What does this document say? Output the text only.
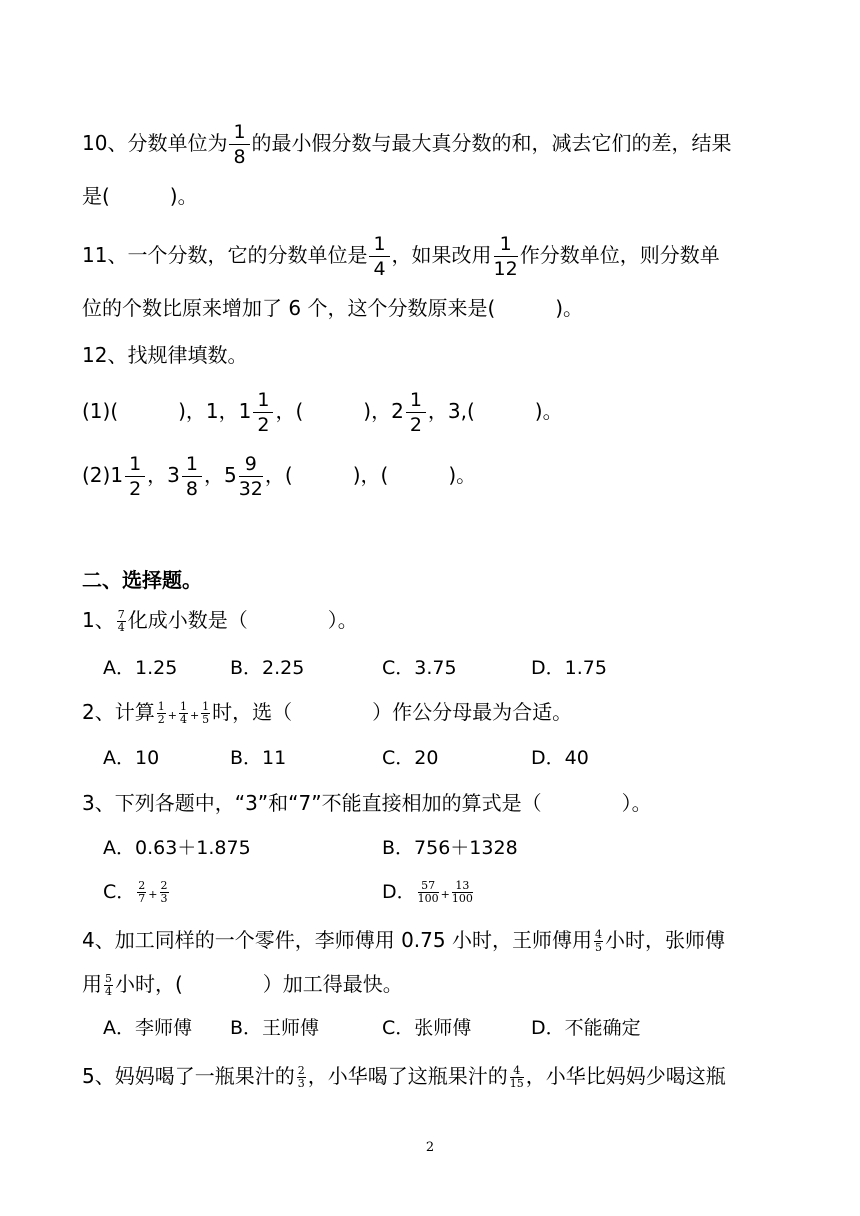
10、分数单位为 $\frac{1}{8}$ 的最小假分数与最大真分数的和，减去它们的差，结果
是(　　　)。
11、一个分数，它的分数单位是 $\frac{1}{4}$ ，如果改用 $\frac{1}{12}$ 作分数单位，则分数单
位的个数比原来增加了 6 个，这个分数原来是(　　　)。
12、找规律填数。
(1)(　　　)，1，$1 \frac{1}{2}$ ，(　　　)，$2 \frac{1}{2}$ ，3,(　　　)。
$(2)1 \frac{1}{2}$ ，$3 \frac{1}{8}$ ，$5 \frac{9}{32}$ ，(　　　)，(　　　)。
二、选择题。
1、 $\frac{7}{4}$ 化成小数是（　　　　）。
A．1.25	B．2.25	C．3.75	D．1.75
2、计算 $\frac{1}{2} + \frac{1}{4} + \frac{1}{5}$ 时，选（　　　　）作公分母最为合适。
A．10	B．11	C．20	D．40
3、下列各题中，“3”和“7”不能直接相加的算式是（　　　　）。
A．0.63＋1.875	B．756＋1328
C． $\frac{2}{7} + \frac{2}{3}$	D． $\frac{57}{100} + \frac{13}{100}$
4、加工同样的一个零件，李师傅用 0.75 小时，王师傅用 $\frac{4}{5}$ 小时，张师傅
用 $\frac{5}{4}$ 小时，(　　　　）加工得最快。
A．李师傅 B．王师傅	C．张师傅	D．不能确定
5、妈妈喝了一瓶果汁的 $\frac{2}{3}$ ，小华喝了这瓶果汁的 $\frac{4}{15}$ ，小华比妈妈少喝这瓶
2
